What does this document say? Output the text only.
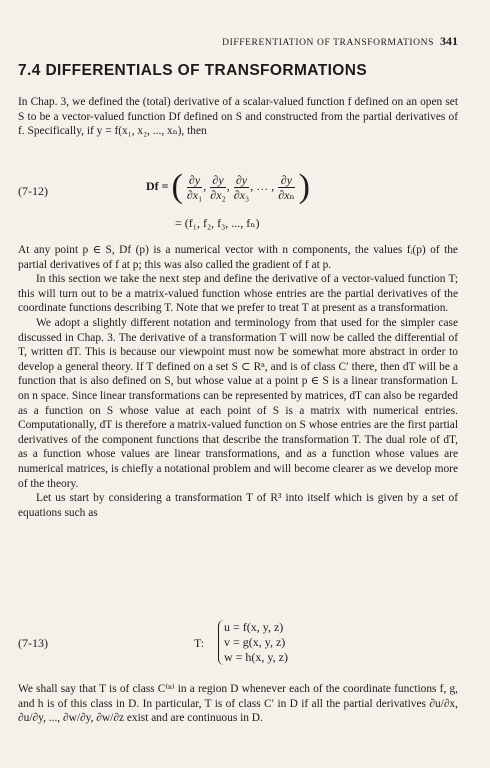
DIFFERENTIATION OF TRANSFORMATIONS 341
7.4 DIFFERENTIALS OF TRANSFORMATIONS

In Chap. 3, we defined the (total) derivative of a scalar-valued function f defined on an open set S to be a vector-valued function Df defined on S and constructed from the partial derivatives of f. Specifically, if y = f(x₁, x₂, ..., xₙ), then

(7-12)	Df = ( $\frac{\partial y}{\text{∂x₁}}$ , $\frac{\partial y}{\text{∂x₂}}$ , $\frac{\partial y}{\text{∂x₃}}$ , … , $\frac{\partial y}{\text{∂xₙ}}$ )
= (f₁, f₂, f₃, ..., fₙ)

At any point p ∈ S, Df (p) is a numerical vector with n components, the values fᵢ(p) of the partial derivatives of f at p; this was also called the gradient of f at p.

In this section we take the next step and define the derivative of a vector-valued function T; this will turn out to be a matrix-valued function whose entries are the partial derivatives of the coordinate functions describing T. Note that we prefer to treat T at present as a transformation.

We adopt a slightly different notation and terminology from that used for the simpler case discussed in Chap. 3. The derivative of a transformation T will now be called the differential of T, written dT. This is because our viewpoint must now be somewhat more abstract in order to develop a general theory. If T defined on a set S ⊂ Rⁿ, and is of class C′ there, then dT will be a function that is also defined on S, but whose value at a point p ∈ S is a linear transformation L on n space. Since linear transformations can be represented by matrices, dT can also be regarded as a function on S whose value at each point of S is a matrix with numerical entries. Computationally, dT is therefore a matrix-valued function on S whose entries are the first partial derivatives of the component functions that describe the transformation T. The dual role of dT, as a function whose values are linear transformations, and as a function whose values are numerical matrices, is chiefly a notational problem and will become clearer as we develop more of the theory.

Let us start by considering a transformation T of R³ into itself which is given by a set of equations such as

(7-13)	T:
u = f(x, y, z)
v = g(x, y, z)
w = h(x, y, z)

We shall say that T is of class C⁽ⁿ⁾ in a region D whenever each of the coordinate functions f, g, and h is of this class in D. In particular, T is of class C′ in D if all the partial derivatives ∂u/∂x, ∂u/∂y, ..., ∂w/∂y, ∂w/∂z exist and are continuous in D.
